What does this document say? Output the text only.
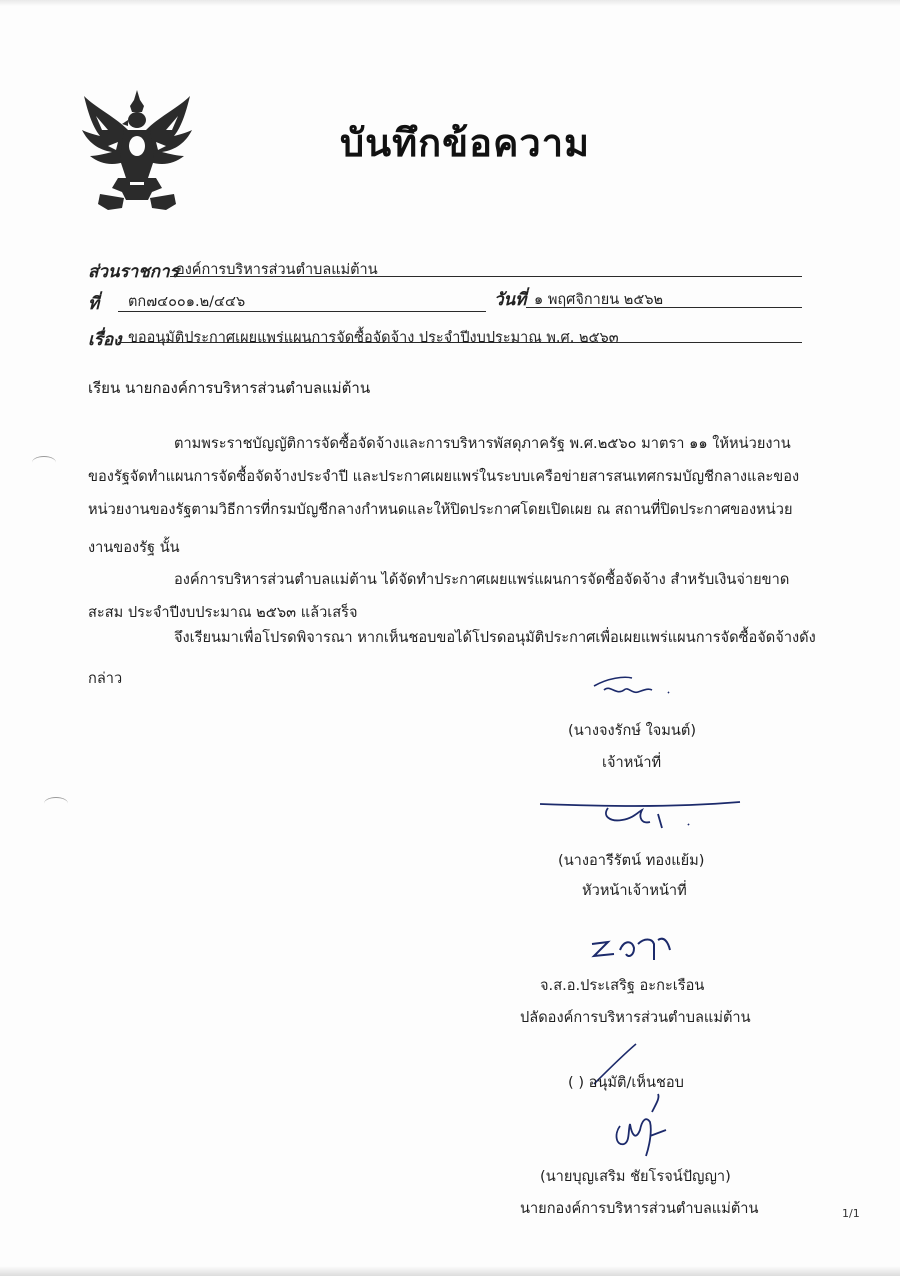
บันทึกข้อความ
ส่วนราชการ
องค์การบริหารส่วนตำบลแม่ต้าน
ที่ ตก๗๔๐๐๑.๒/๔๔๖	วันที่ ๑ พฤศจิกายน ๒๕๖๒
เรื่อง ขออนุมัติประกาศเผยแพร่แผนการจัดซื้อจัดจ้าง ประจำปีงบประมาณ พ.ศ. ๒๕๖๓
เรียน นายกองค์การบริหารส่วนตำบลแม่ต้าน
ตามพระราชบัญญัติการจัดซื้อจัดจ้างและการบริหารพัสดุภาครัฐ พ.ศ.๒๕๖๐ มาตรา ๑๑ ให้หน่วยงาน
ของรัฐจัดทำแผนการจัดซื้อจัดจ้างประจำปี และประกาศเผยแพร่ในระบบเครือข่ายสารสนเทศกรมบัญชีกลางและของ
หน่วยงานของรัฐตามวิธีการที่กรมบัญชีกลางกำหนดและให้ปิดประกาศโดยเปิดเผย ณ สถานที่ปิดประกาศของหน่วย
งานของรัฐ นั้น
องค์การบริหารส่วนตำบลแม่ต้าน ได้จัดทำประกาศเผยแพร่แผนการจัดซื้อจัดจ้าง สำหรับเงินจ่ายขาด
สะสม ประจำปีงบประมาณ ๒๕๖๓ แล้วเสร็จ
จึงเรียนมาเพื่อโปรดพิจารณา หากเห็นชอบขอได้โปรดอนุมัติประกาศเพื่อเผยแพร่แผนการจัดซื้อจัดจ้างดัง
กล่าว
(นางจงรักษ์ ใจมนต์)
เจ้าหน้าที่
(นางอารีรัตน์ ทองแย้ม)
หัวหน้าเจ้าหน้าที่
จ.ส.อ.ประเสริฐ อะกะเรือน
ปลัดองค์การบริหารส่วนตำบลแม่ต้าน
( ) อนุมัติ/เห็นชอบ
(นายบุญเสริม ชัยโรจน์ปัญญา)
นายกองค์การบริหารส่วนตำบลแม่ต้าน	1/1
